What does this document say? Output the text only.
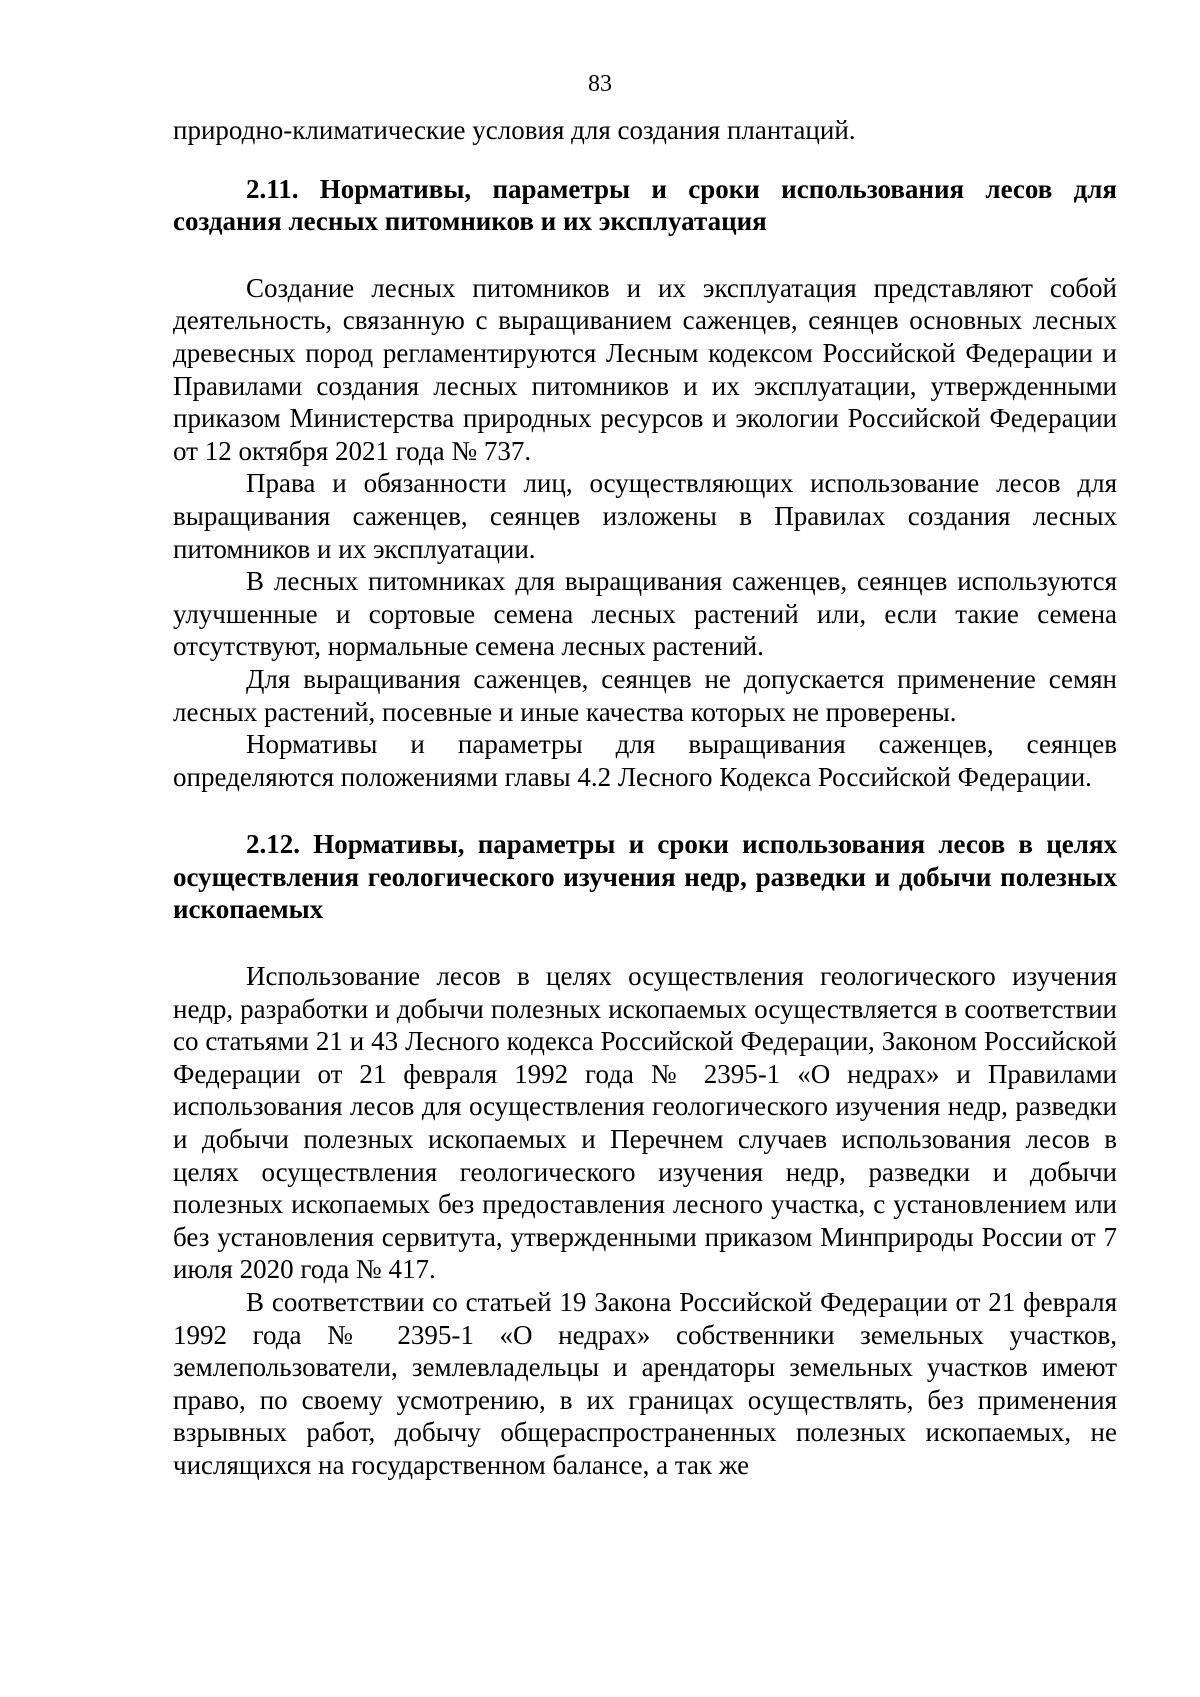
83

природно-климатические условия для создания плантаций.

2.11. Нормативы, параметры и сроки использования лесов для создания лесных питомников и их эксплуатация

Создание лесных питомников и их эксплуатация представляют собой деятельность, связанную с выращиванием саженцев, сеянцев основных лесных древесных пород регламентируются Лесным кодексом Российской Федерации и Правилами создания лесных питомников и их эксплуатации, утвержденными приказом Министерства природных ресурсов и экологии Российской Федерации от 12 октября 2021 года № 737.

Права и обязанности лиц, осуществляющих использование лесов для выращивания саженцев, сеянцев изложены в Правилах создания лесных питомников и их эксплуатации.

В лесных питомниках для выращивания саженцев, сеянцев используются улучшенные и сортовые семена лесных растений или, если такие семена отсутствуют, нормальные семена лесных растений.

Для выращивания саженцев, сеянцев не допускается применение семян лесных растений, посевные и иные качества которых не проверены.

Нормативы и параметры для выращивания саженцев, сеянцев определяются положениями главы 4.2 Лесного Кодекса Российской Федерации.

2.12. Нормативы, параметры и сроки использования лесов в целях осуществления геологического изучения недр, разведки и добычи полезных ископаемых

Использование лесов в целях осуществления геологического изучения недр, разработки и добычи полезных ископаемых осуществляется в соответствии со статьями 21 и 43 Лесного кодекса Российской Федерации, Законом Российской Федерации от 21 февраля 1992 года № 2395-1 «О недрах» и Правилами использования лесов для осуществления геологического изучения недр, разведки и добычи полезных ископаемых и Перечнем случаев использования лесов в целях осуществления геологического изучения недр, разведки и добычи полезных ископаемых без предоставления лесного участка, с установлением или без установления сервитута, утвержденными приказом Минприроды России от 7 июля 2020 года № 417.

В соответствии со статьей 19 Закона Российской Федерации от 21 февраля 1992 года № 2395-1 «О недрах» собственники земельных участков, землепользователи, землевладельцы и арендаторы земельных участков имеют право, по своему усмотрению, в их границах осуществлять, без применения взрывных работ, добычу общераспространенных полезных ископаемых, не числящихся на государственном балансе, а так же
